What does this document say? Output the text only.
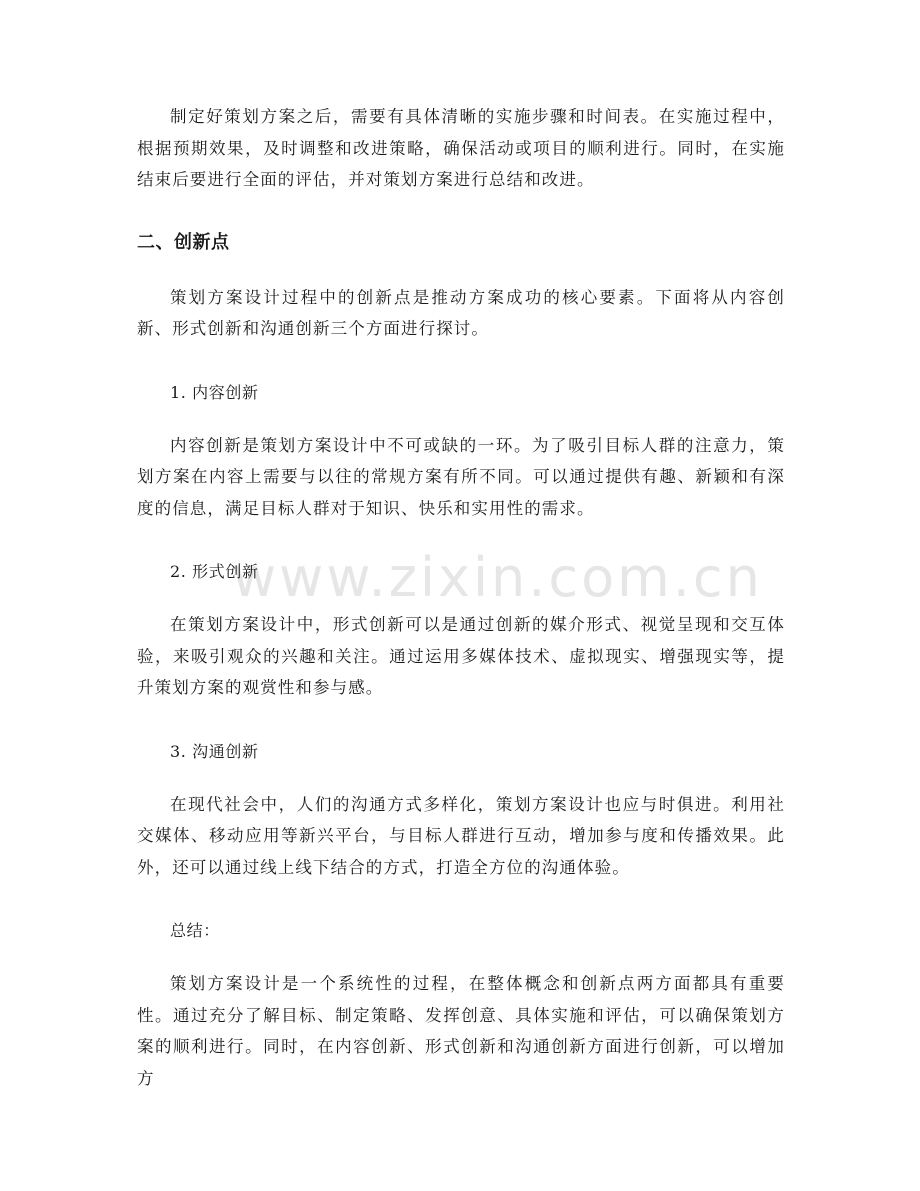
www.zixin.com.cn

制定好策划方案之后，需要有具体清晰的实施步骤和时间表。在实施过程中，根据预期效果，及时调整和改进策略，确保活动或项目的顺利进行。同时，在实施结束后要进行全面的评估，并对策划方案进行总结和改进。

二、创新点

策划方案设计过程中的创新点是推动方案成功的核心要素。下面将从内容创新、形式创新和沟通创新三个方面进行探讨。

1. 内容创新

内容创新是策划方案设计中不可或缺的一环。为了吸引目标人群的注意力，策划方案在内容上需要与以往的常规方案有所不同。可以通过提供有趣、新颖和有深度的信息，满足目标人群对于知识、快乐和实用性的需求。

2. 形式创新

在策划方案设计中，形式创新可以是通过创新的媒介形式、视觉呈现和交互体验，来吸引观众的兴趣和关注。通过运用多媒体技术、虚拟现实、增强现实等，提升策划方案的观赏性和参与感。

3. 沟通创新

在现代社会中，人们的沟通方式多样化，策划方案设计也应与时俱进。利用社交媒体、移动应用等新兴平台，与目标人群进行互动，增加参与度和传播效果。此外，还可以通过线上线下结合的方式，打造全方位的沟通体验。

总结：

策划方案设计是一个系统性的过程，在整体概念和创新点两方面都具有重要性。通过充分了解目标、制定策略、发挥创意、具体实施和评估，可以确保策划方案的顺利进行。同时，在内容创新、形式创新和沟通创新方面进行创新，可以增加方
